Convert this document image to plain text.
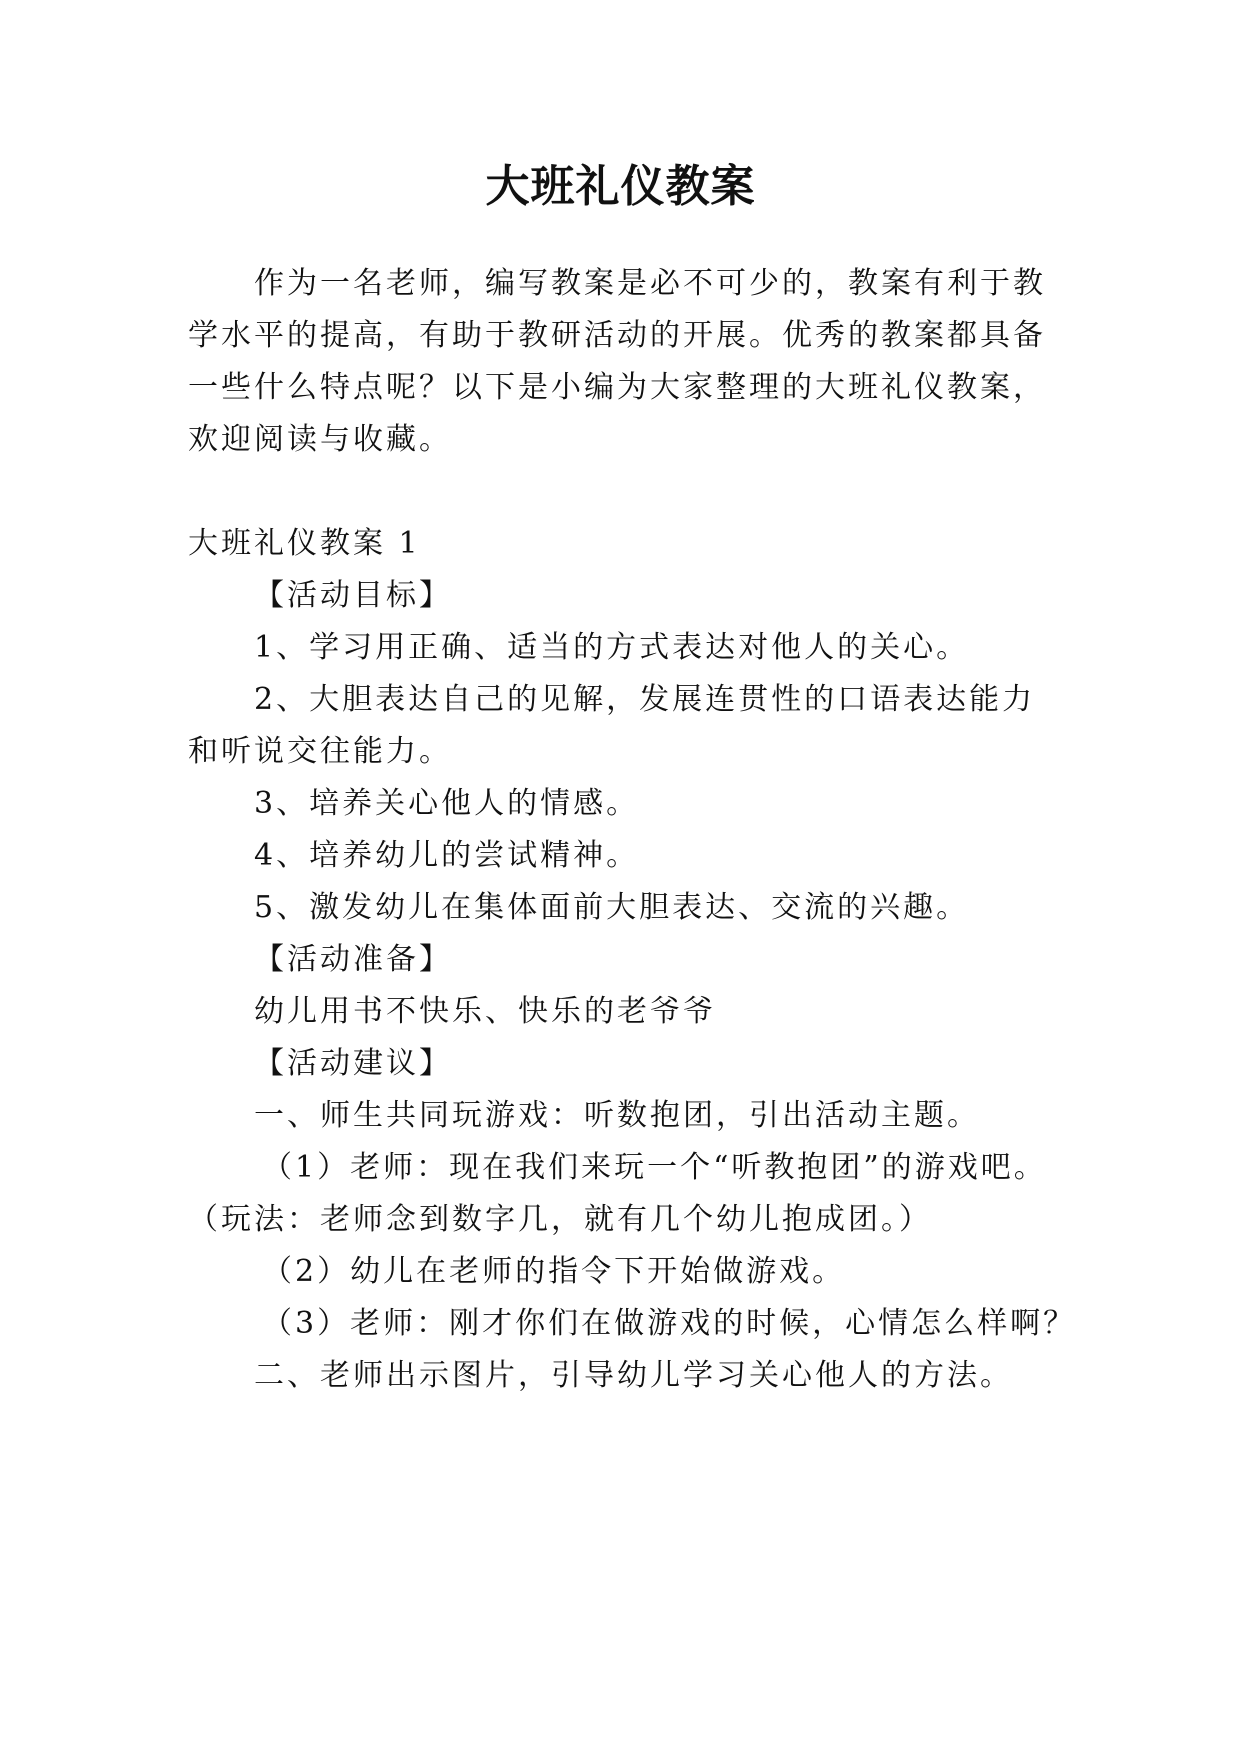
大班礼仪教案

作为一名老师，编写教案是必不可少的，教案有利于教

学水平的提高，有助于教研活动的开展。优秀的教案都具备

一些什么特点呢？以下是小编为大家整理的大班礼仪教案，

欢迎阅读与收藏。

大班礼仪教案 1

【活动目标】

1、学习用正确、适当的方式表达对他人的关心。

2、大胆表达自己的见解，发展连贯性的口语表达能力

和听说交往能力。

3、培养关心他人的情感。

4、培养幼儿的尝试精神。

5、激发幼儿在集体面前大胆表达、交流的兴趣。

【活动准备】

幼儿用书不快乐、快乐的老爷爷

【活动建议】

一、师生共同玩游戏：听数抱团，引出活动主题。

（1）老师：现在我们来玩一个“听教抱团”的游戏吧。

（玩法：老师念到数字几，就有几个幼儿抱成团。）

（2）幼儿在老师的指令下开始做游戏。

（3）老师：刚才你们在做游戏的时候，心情怎么样啊？

二、老师出示图片，引导幼儿学习关心他人的方法。
